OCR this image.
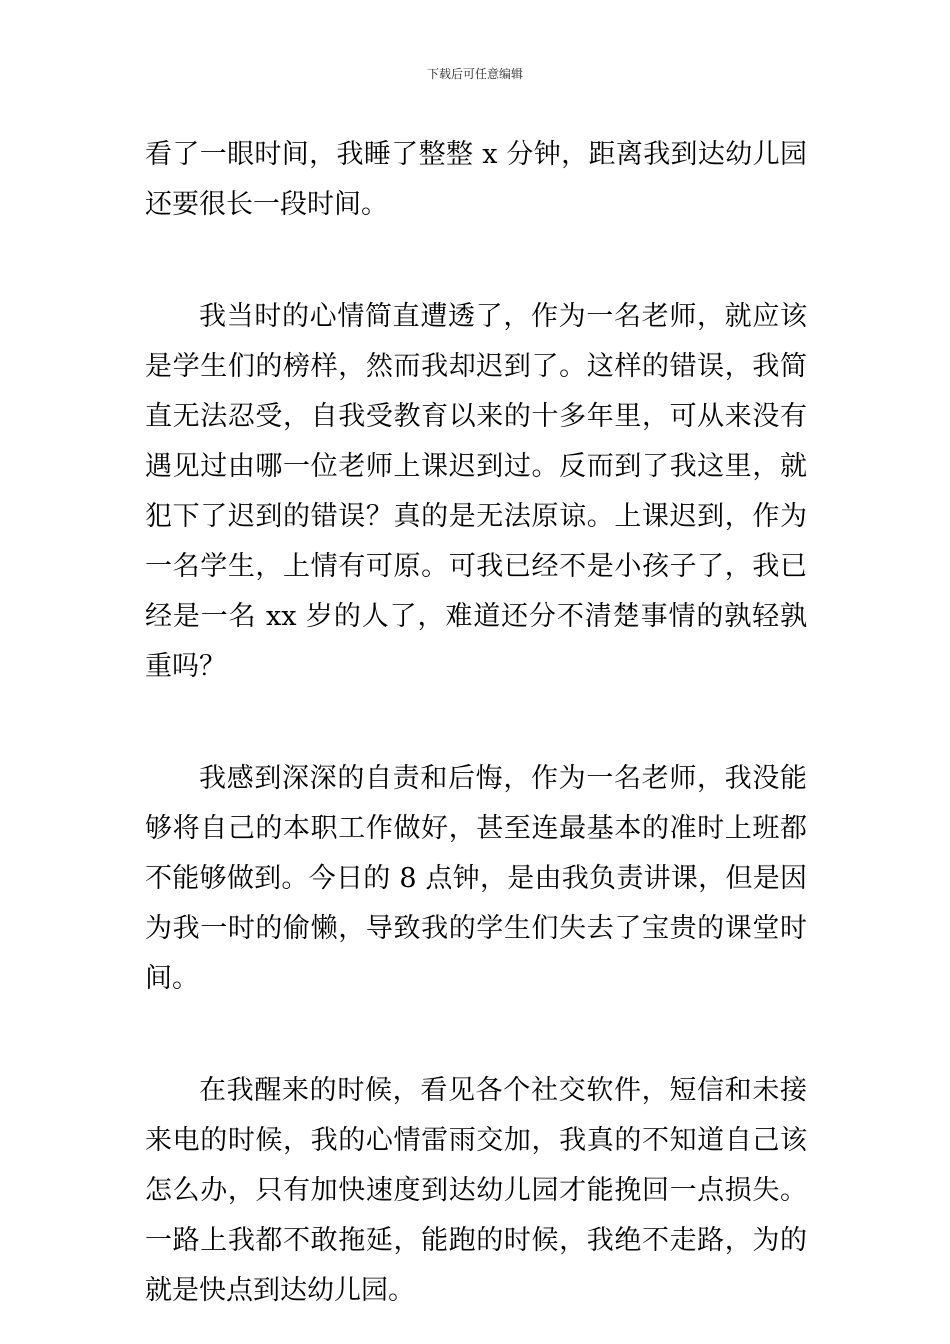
下载后可任意编辑

看了一眼时间，我睡了整整 x 分钟，距离我到达幼儿园还要很长一段时间。

我当时的心情简直遭透了，作为一名老师，就应该是学生们的榜样，然而我却迟到了。这样的错误，我简直无法忍受，自我受教育以来的十多年里，可从来没有遇见过由哪一位老师上课迟到过。反而到了我这里，就犯下了迟到的错误？真的是无法原谅。上课迟到，作为一名学生，上情有可原。可我已经不是小孩子了，我已经是一名 xx 岁的人了，难道还分不清楚事情的孰轻孰重吗？

我感到深深的自责和后悔，作为一名老师，我没能够将自己的本职工作做好，甚至连最基本的准时上班都不能够做到。今日的 8 点钟，是由我负责讲课，但是因为我一时的偷懒，导致我的学生们失去了宝贵的课堂时间。

在我醒来的时候，看见各个社交软件，短信和未接来电的时候，我的心情雷雨交加，我真的不知道自己该怎么办，只有加快速度到达幼儿园才能挽回一点损失。一路上我都不敢拖延，能跑的时候，我绝不走路，为的就是快点到达幼儿园。
